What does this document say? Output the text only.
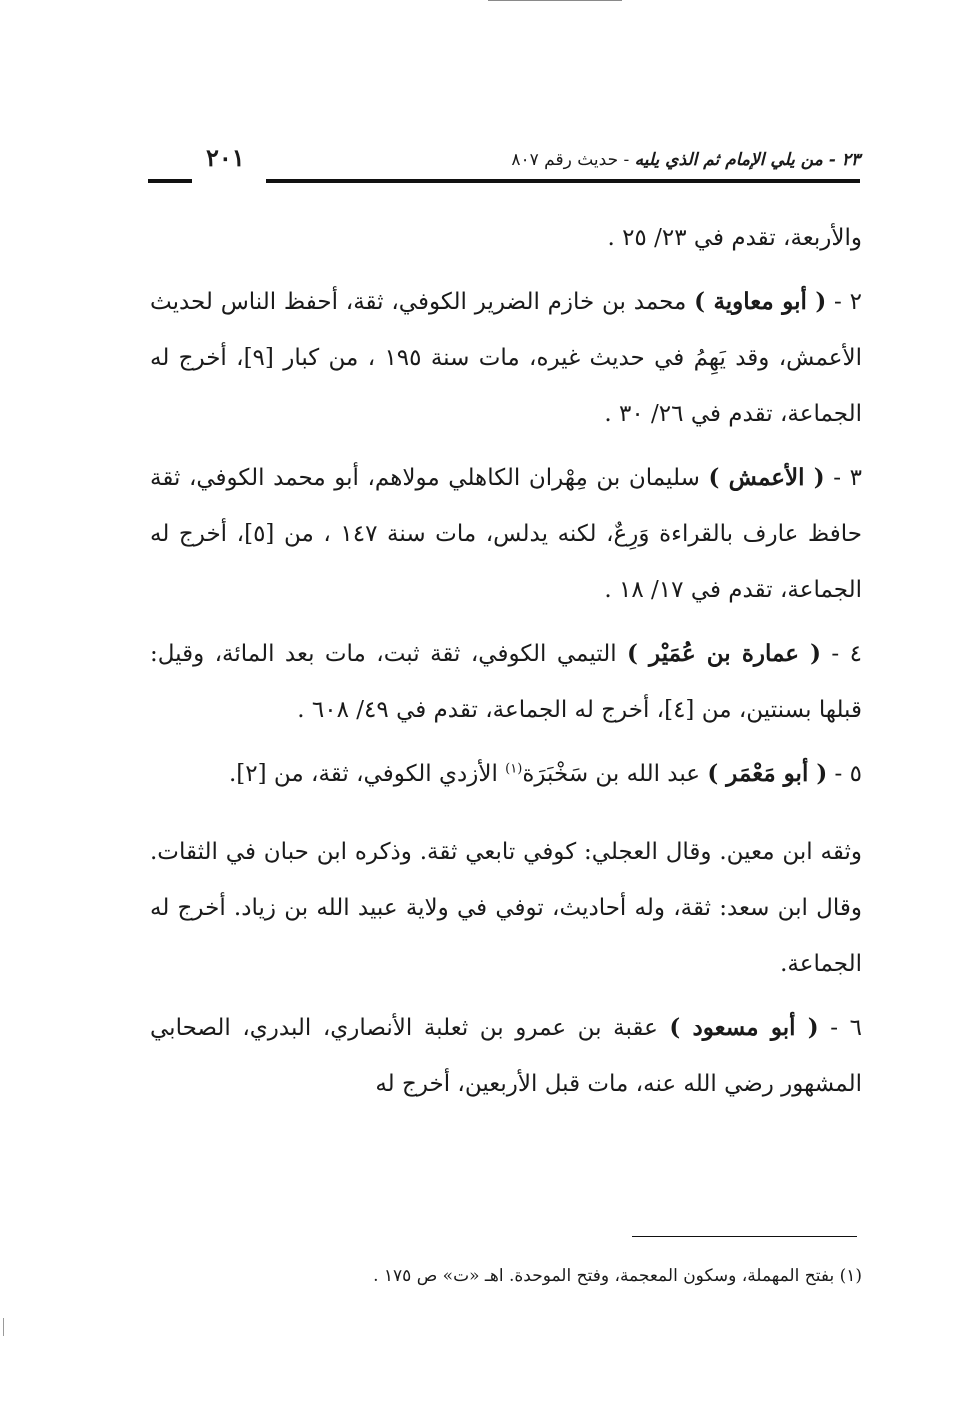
٢٣ - من يلي الإمام ثم الذي يليه - حديث رقم ٨٠٧
٢٠١

والأربعة، تقدم في ٢٣/ ٢٥ .

٢ - ( أبو معاوية ) محمد بن خازم الضرير الكوفي، ثقة، أحفظ الناس لحديث الأعمش، وقد يَهِمُ في حديث غيره، مات سنة ١٩٥ ، من كبار [٩]، أخرج له الجماعة، تقدم في ٢٦/ ٣٠ .

٣ - ( الأعمش ) سليمان بن مِهْران الكاهلي مولاهم، أبو محمد الكوفي، ثقة حافظ عارف بالقراءة وَرِعٌ، لكنه يدلس، مات سنة ١٤٧ ، من [٥]، أخرج له الجماعة، تقدم في ١٧/ ١٨ .

٤ - ( عمارة بن عُمَيْر ) التيمي الكوفي، ثقة ثبت، مات بعد المائة، وقيل: قبلها بسنتين، من [٤]، أخرج له الجماعة، تقدم في ٤٩/ ٦٠٨ .

٥ - ( أبو مَعْمَر ) عبد الله بن سَخْبَرَة$^{(١)}$ الأزدي الكوفي، ثقة، من [٢].

وثقه ابن معين. وقال العجلي: كوفي تابعي ثقة. وذكره ابن حبان في الثقات. وقال ابن سعد: ثقة، وله أحاديث، توفي في ولاية عبيد الله بن زياد. أخرج له الجماعة.

٦ - ( أبو مسعود ) عقبة بن عمرو بن ثعلبة الأنصاري، البدري، الصحابي المشهور رضي الله عنه، مات قبل الأربعين، أخرج له

(١) بفتح المهملة، وسكون المعجمة، وفتح الموحدة. اهـ «ت» ص ١٧٥ .
